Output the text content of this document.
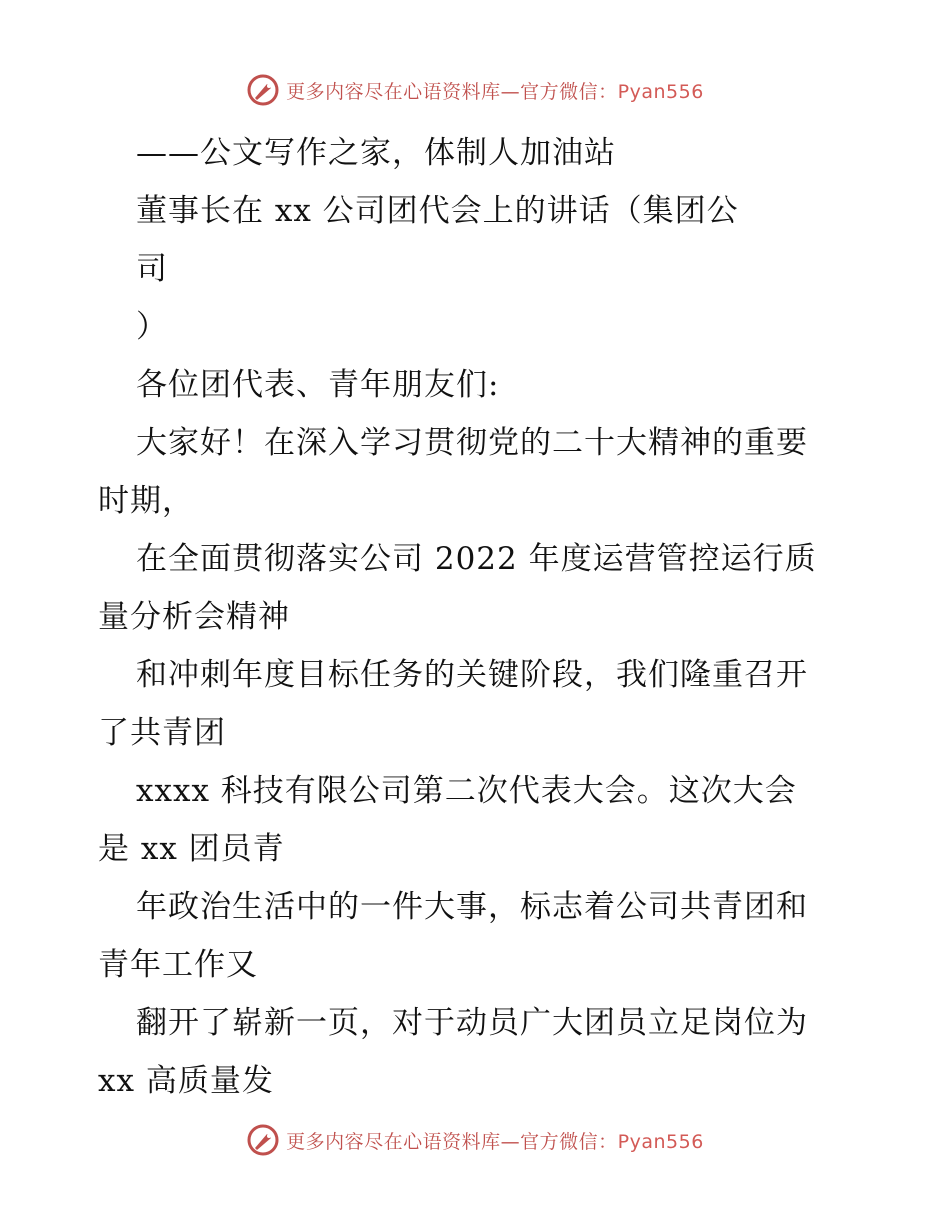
更多内容尽在心语资料库—官方微信：Pyan556
——公文写作之家，体制人加油站
董事长在 xx 公司团代会上的讲话（集团公
司
）
各位团代表、青年朋友们:
大家好！在深入学习贯彻党的二十大精神的重要
时期，
在全面贯彻落实公司 2022 年度运营管控运行质
量分析会精神
和冲刺年度目标任务的关键阶段，我们隆重召开
了共青团
xxxx 科技有限公司第二次代表大会。这次大会
是 xx 团员青
年政治生活中的一件大事，标志着公司共青团和
青年工作又
翻开了崭新一页，对于动员广大团员立足岗位为
xx 高质量发
更多内容尽在心语资料库—官方微信：Pyan556
